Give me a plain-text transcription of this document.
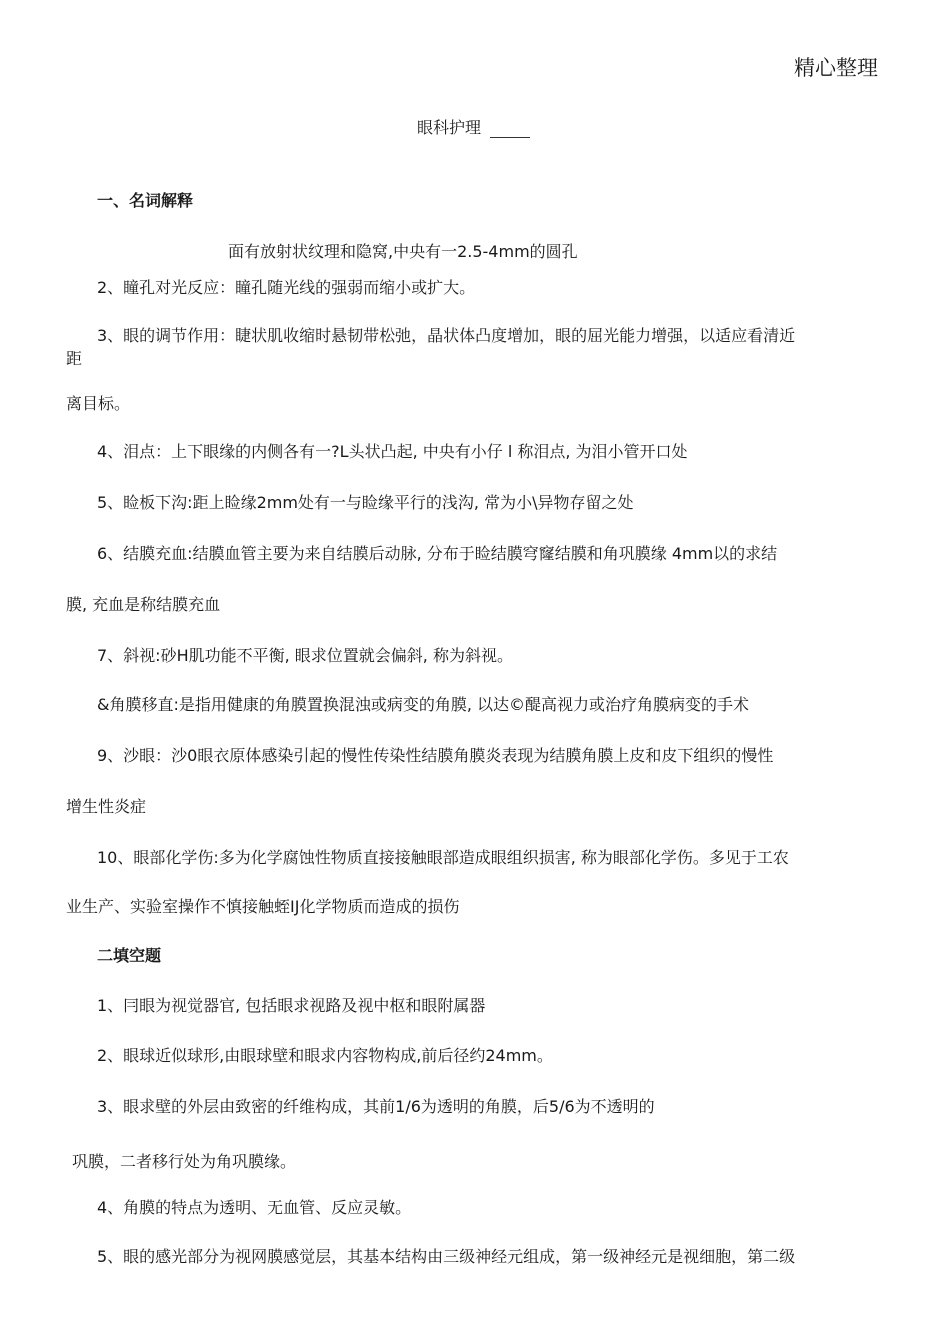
精心整理
眼科护理
一、名词解释
面有放射状纹理和隐窝,中央有一2.5-4mm的圆孔
2、瞳孔对光反应：瞳孔随光线的强弱而缩小或扩大。
3、眼的调节作用：睫状肌收缩时悬韧带松弛，晶状体凸度增加，眼的屈光能力增强，以适应看清近
距
离目标。
4、泪点：上下眼缘的内侧各有一?L头状凸起, 中央有小仔 l 称泪点, 为泪小管开口处
5、睑板下沟:距上睑缘2mm处有一与睑缘平行的浅沟, 常为小\异物存留之处
6、结膜充血:结膜血管主要为来自结膜后动脉, 分布于睑结膜穹窿结膜和角巩膜缘 4mm以的求结
膜, 充血是称结膜充血
7、斜视:砂H肌功能不平衡, 眼求位置就会偏斜, 称为斜视。
&角膜移直:是指用健康的角膜置换混浊或病变的角膜, 以达©醍高视力或治疗角膜病变的手术
9、沙眼：沙0眼衣原体感染引起的慢性传染性结膜角膜炎表现为结膜角膜上皮和皮下组织的慢性
增生性炎症
10、眼部化学伤:多为化学腐蚀性物质直接接触眼部造成眼组织损害, 称为眼部化学伤。多见于工农
业生产、实验室操作不慎接触蛭IJ化学物质而造成的损伤
二填空题
1、冃眼为视觉器官, 包括眼求视路及视中枢和眼附属器
2、眼球近似球形,由眼球壁和眼求内容物构成,前后径约24mm。
3、眼求壁的外层由致密的纤维构成，其前1/6为透明的角膜，后5/6为不透明的
巩膜，二者移行处为角巩膜缘。
4、角膜的特点为透明、无血管、反应灵敏。
5、眼的感光部分为视网膜感觉层，其基本结构由三级神经元组成，第一级神经元是视细胞，第二级
